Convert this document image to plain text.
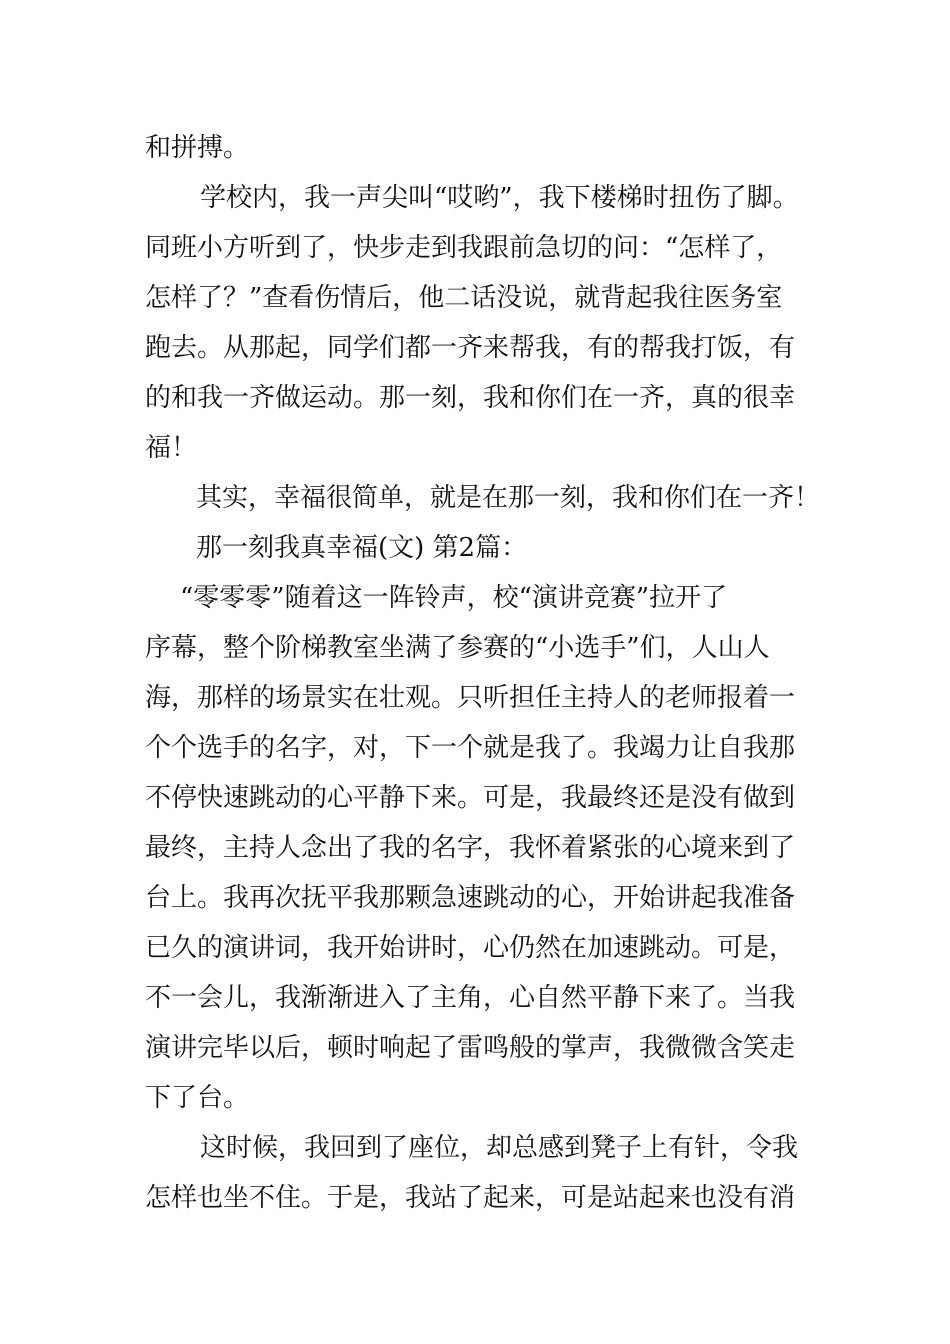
和拼搏。

学校内，我一声尖叫“哎哟”，我下楼梯时扭伤了脚。

同班小方听到了，快步走到我跟前急切的问：“怎样了，

怎样了？”查看伤情后，他二话没说，就背起我往医务室

跑去。从那起，同学们都一齐来帮我，有的帮我打饭，有

的和我一齐做运动。那一刻，我和你们在一齐，真的很幸

福！

其实，幸福很简单，就是在那一刻，我和你们在一齐！

那一刻我真幸福(文) 第2篇：

“零零零”随着这一阵铃声，校“演讲竞赛”拉开了

序幕，整个阶梯教室坐满了参赛的“小选手”们，人山人

海，那样的场景实在壮观。只听担任主持人的老师报着一

个个选手的名字，对，下一个就是我了。我竭力让自我那

不停快速跳动的心平静下来。可是，我最终还是没有做到

最终，主持人念出了我的名字，我怀着紧张的心境来到了

台上。我再次抚平我那颗急速跳动的心，开始讲起我准备

已久的演讲词，我开始讲时，心仍然在加速跳动。可是，

不一会儿，我渐渐进入了主角，心自然平静下来了。当我

演讲完毕以后，顿时响起了雷鸣般的掌声，我微微含笑走

下了台。

这时候，我回到了座位，却总感到凳子上有针，令我

怎样也坐不住。于是，我站了起来，可是站起来也没有消
